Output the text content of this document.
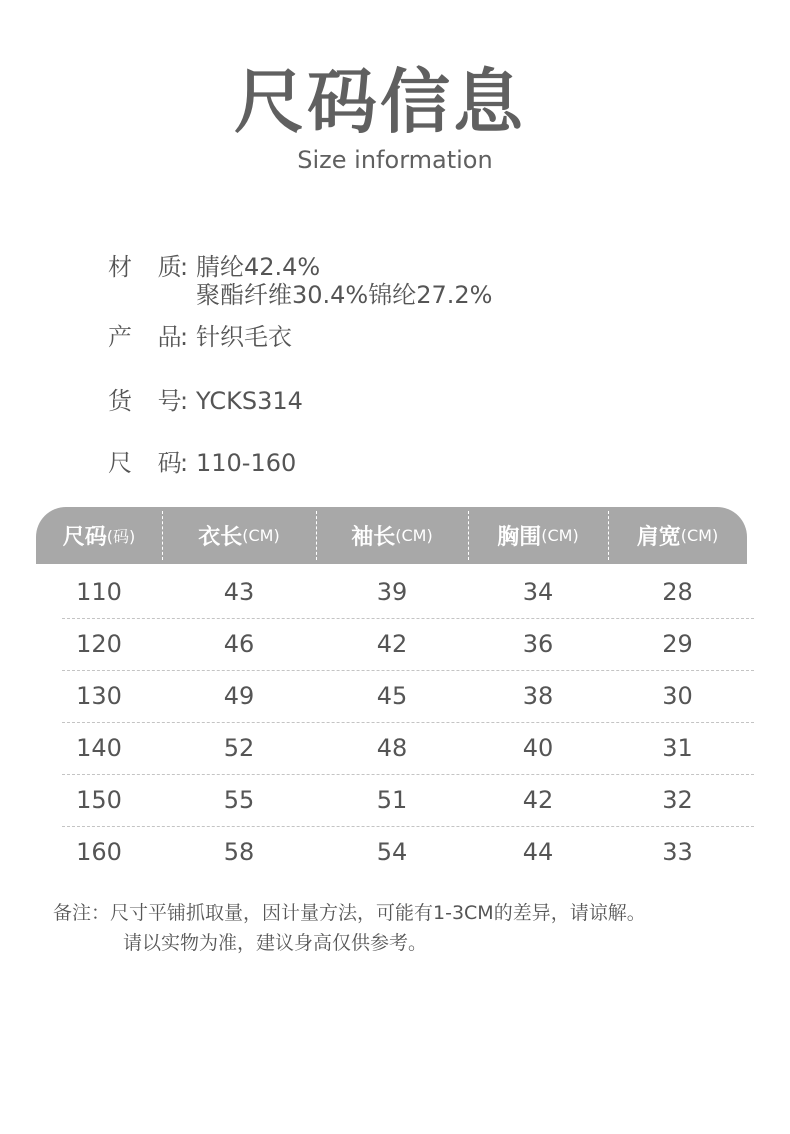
尺码信息
Size information
材 质
: 腈纶42.4%
聚酯纤维30.4%锦纶27.2%
产 品
: 针织毛衣
货 号
: YCKS314
尺 码
: 110-160
尺码 (码)	衣长 (CM)	袖长 (CM)	胸围 (CM)	肩宽 (CM)
110	43	39	34	28
120	46	42	36	29
130	49	45	38	30
140	52	48	40	31
150	55	51	42	32
160	58	54	44	33
备注：尺寸平铺抓取量，因计量方法，可能有1-3CM的差异，请谅解。
请以实物为准，建议身高仅供参考。
